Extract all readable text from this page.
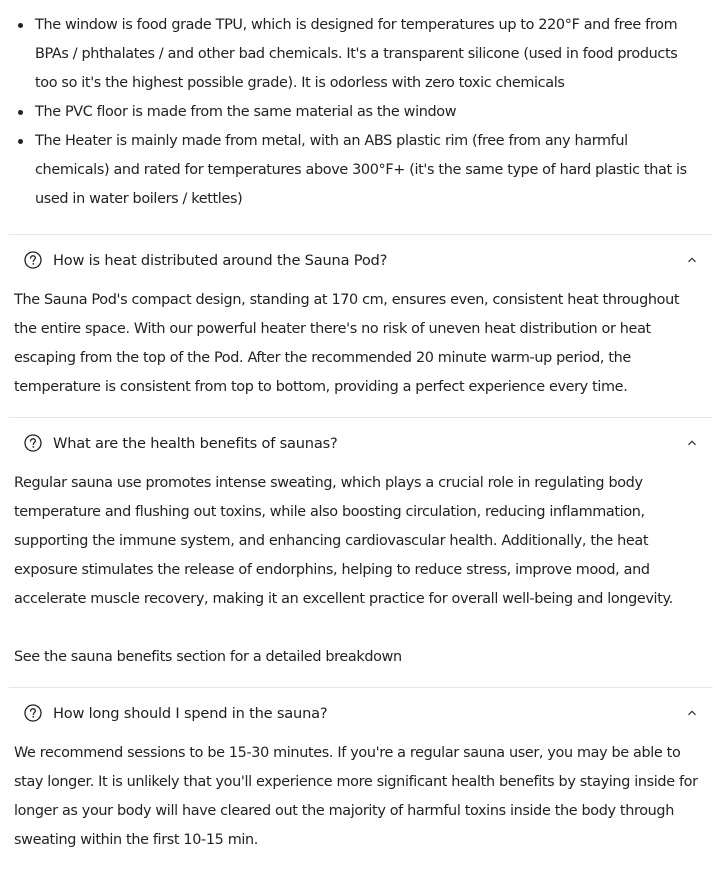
The window is food grade TPU, which is designed for temperatures up to 220°F and free from BPAs / phthalates / and other bad chemicals. It's a transparent silicone (used in food products too so it's the highest possible grade). It is odorless with zero toxic chemicals
The PVC floor is made from the same material as the window
The Heater is mainly made from metal, with an ABS plastic rim (free from any harmful chemicals) and rated for temperatures above 300°F+ (it's the same type of hard plastic that is used in water boilers / kettles)
How is heat distributed around the Sauna Pod?

The Sauna Pod's compact design, standing at 170 cm, ensures even, consistent heat throughout the entire space. With our powerful heater there's no risk of uneven heat distribution or heat escaping from the top of the Pod. After the recommended 20 minute warm-up period, the temperature is consistent from top to bottom, providing a perfect experience every time.

What are the health benefits of saunas?

Regular sauna use promotes intense sweating, which plays a crucial role in regulating body temperature and flushing out toxins, while also boosting circulation, reducing inflammation, supporting the immune system, and enhancing cardiovascular health. Additionally, the heat exposure stimulates the release of endorphins, helping to reduce stress, improve mood, and accelerate muscle recovery, making it an excellent practice for overall well-being and longevity.

See the sauna benefits section for a detailed breakdown

How long should I spend in the sauna?

We recommend sessions to be 15-30 minutes. If you're a regular sauna user, you may be able to stay longer. It is unlikely that you'll experience more significant health benefits by staying inside for longer as your body will have cleared out the majority of harmful toxins inside the body through sweating within the first 10-15 min.
